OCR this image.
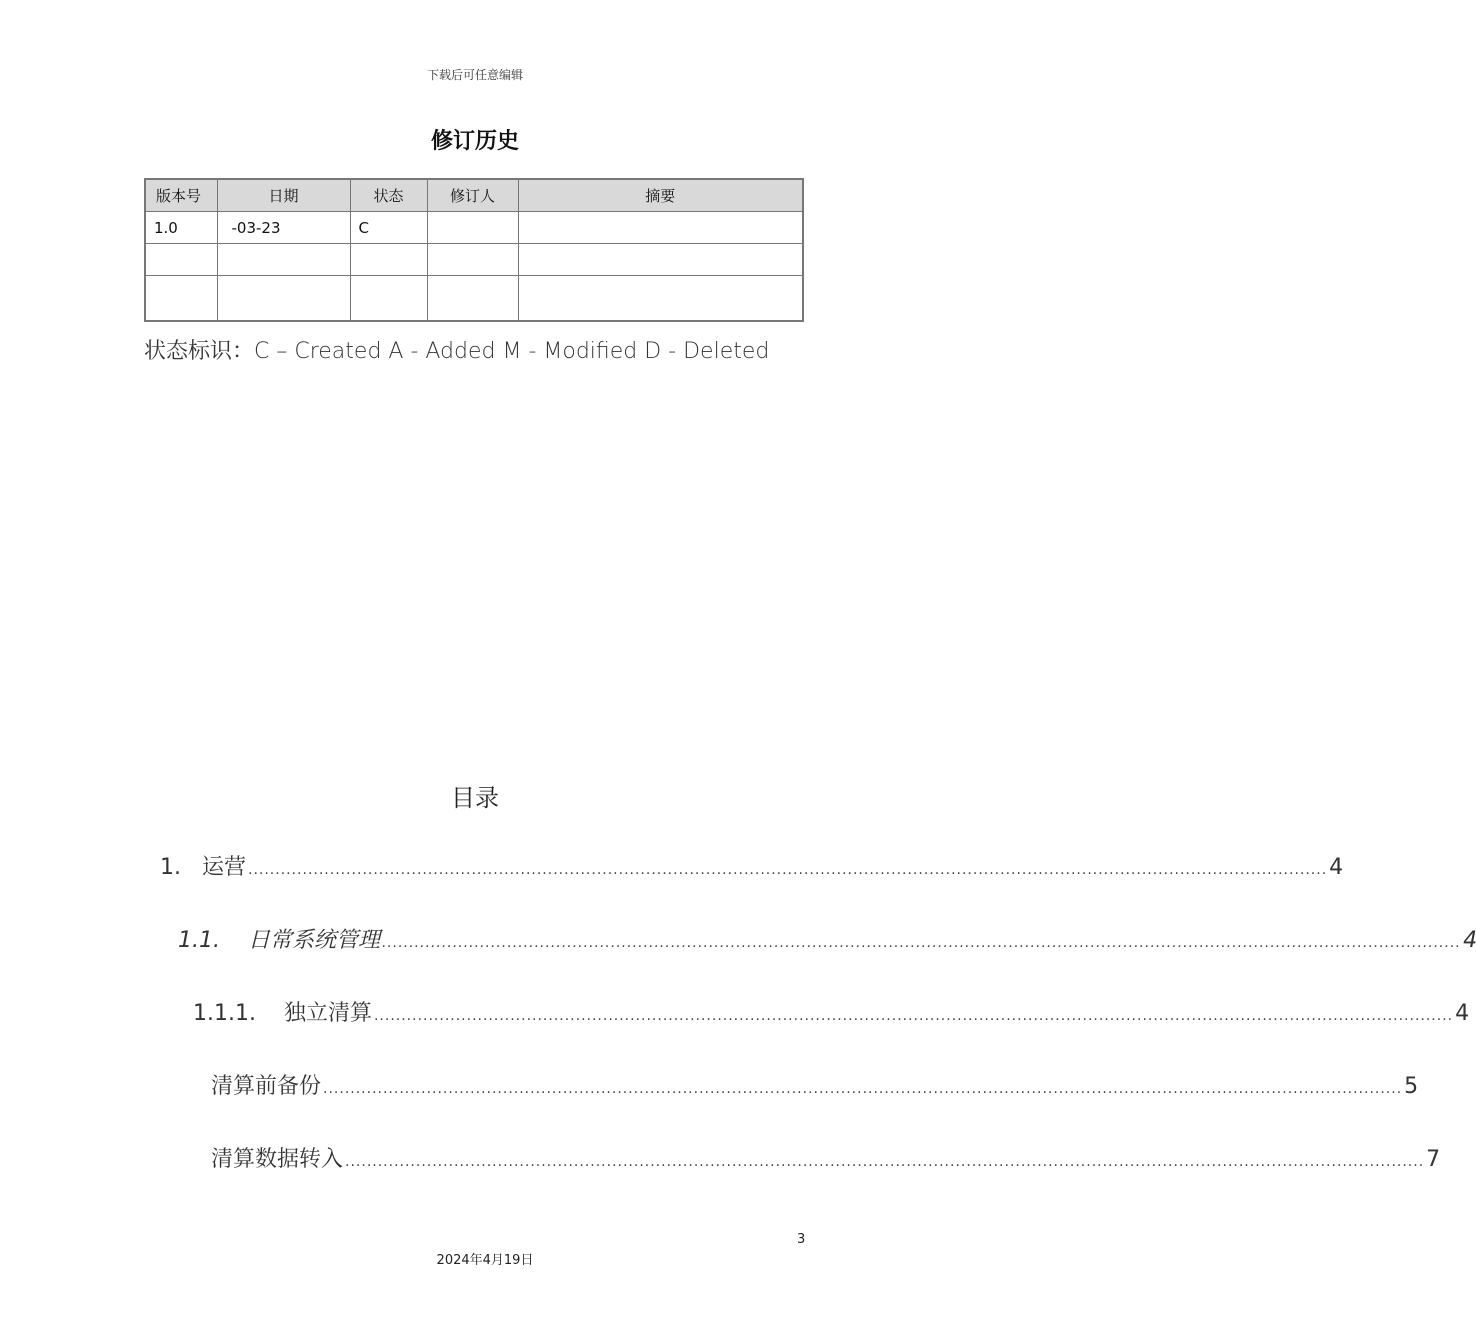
下载后可任意编辑
修订历史
版本号	日期	状态	修订人	摘要
1.0	-03-23	C		

状态标识：C – Created A - Added M - Modified D - Deleted
目录
1. 运营 ...................................................................................................................................................................................................... 4
1.1. 日常系统管理 ...................................................................................................................................................................................................... 4
1.1.1. 独立清算 ...................................................................................................................................................................................................... 4
清算前备份 ...................................................................................................................................................................................................... 5
清算数据转入 ...................................................................................................................................................................................................... 7
3
2024年4月19日
